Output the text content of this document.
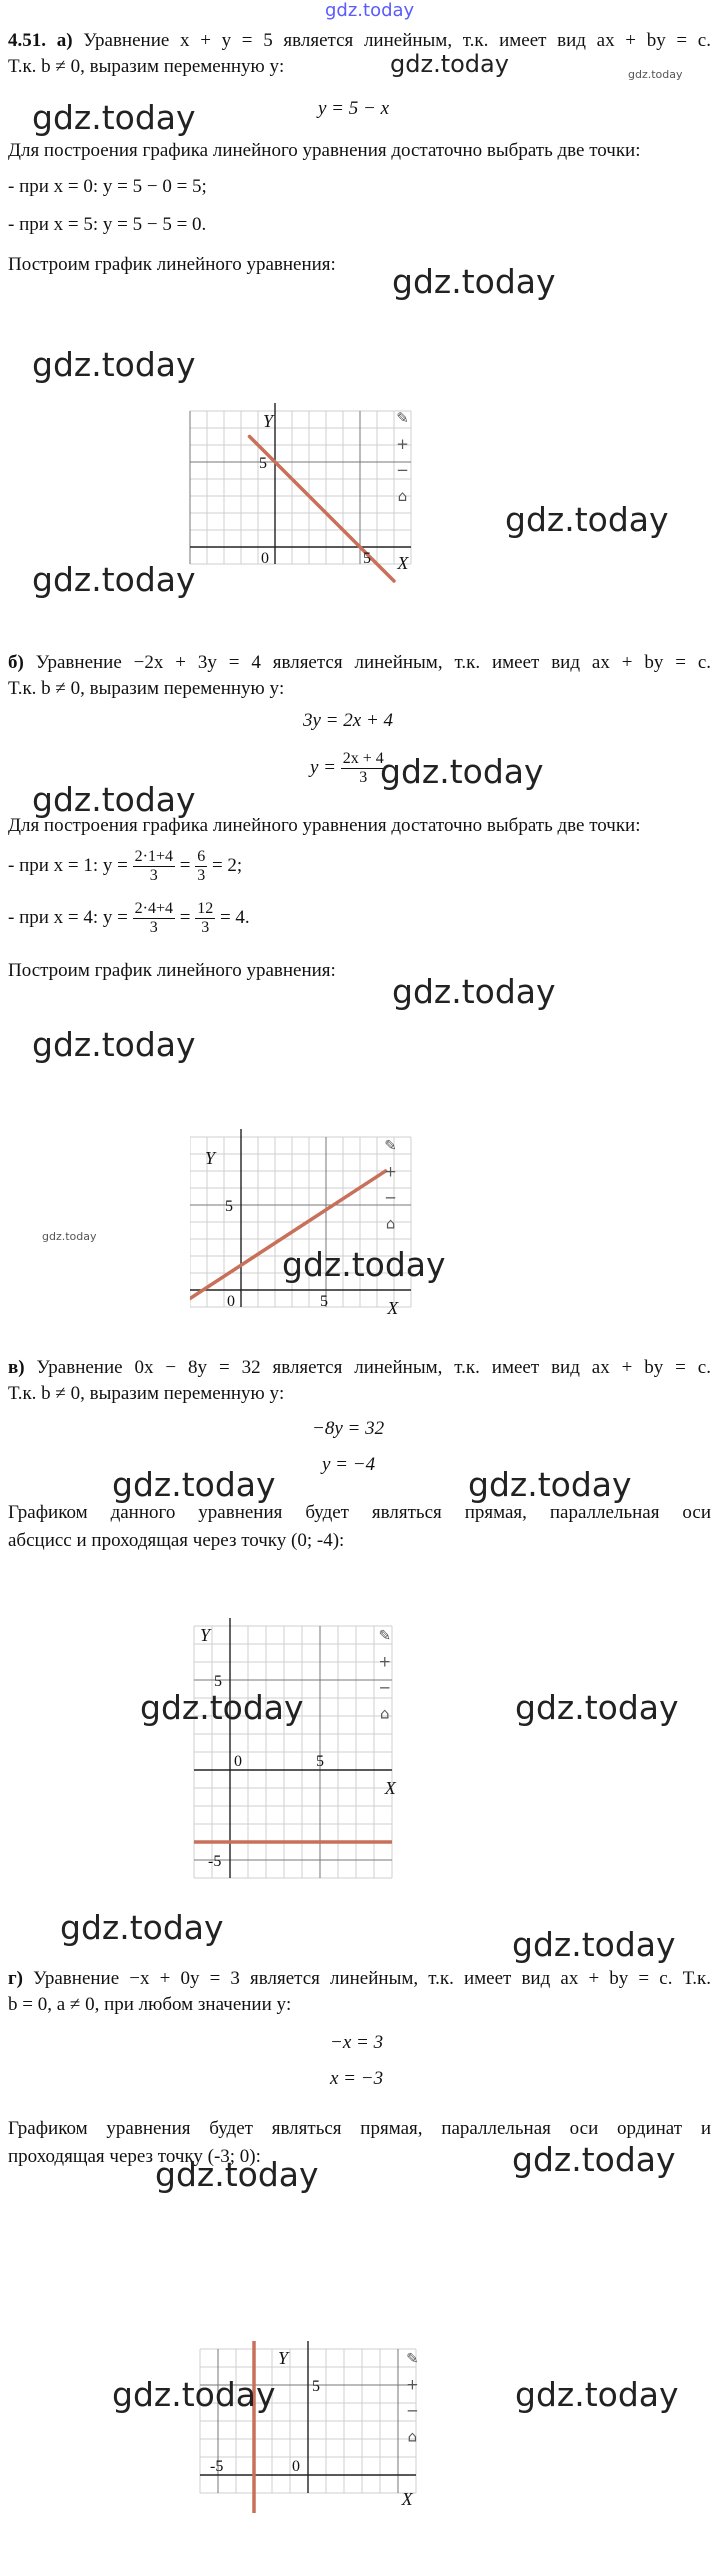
gdz.today
4.51. а) Уравнение x + y = 5 является линейным, т.к. имеет вид ax + by = c.
Т.к. b ≠ 0, выразим переменную y:	gdz.today	gdz.today
gdz.today	y = 5 − x
Для построения графика линейного уравнения достаточно выбрать две точки:
- при x = 0: y = 5 − 0 = 5;
- при x = 5: y = 5 − 5 = 0.
Построим график линейного уравнения: gdz.today
Y
X
0
5
5
✎
+
−
⌂
gdz.today
gdz.today
gdz.today
б) Уравнение −2x + 3y = 4 является линейным, т.к. имеет вид ax + by = c.
Т.к. b ≠ 0, выразим переменную y:
3y = 2x + 4
$y = \frac{2x + 4}{3}$
gdz.today
gdz.today
Для построения графика линейного уравнения достаточно выбрать две точки:
- при x = 1: $y = \frac{2\cdot 1+4}{3} = \frac{6}{3} = 2$;
- при x = 4: $y = \frac{2\cdot 4+4}{3} = \frac{12}{3} = 4$.
Построим график линейного уравнения:
gdz.today
Y
X
0
5
5
✎
+
−
⌂
gdz.today
gdz.today
gdz.today
в) Уравнение 0x − 8y = 32 является линейным, т.к. имеет вид ax + by = c.
Т.к. b ≠ 0, выразим переменную y:
−8y = 32
y = −4
gdz.today	gdz.today
Графиком данного уравнения будет являться прямая, параллельная оси
абсцисс и проходящая через точку (0; -4):
Y
X
0
5
-5
5
✎
+
−
⌂
gdz.today	gdz.today
gdz.today	gdz.today
г) Уравнение −x + 0y = 3 является линейным, т.к. имеет вид ax + by = c. Т.к.
b = 0, a ≠ 0, при любом значении y:
−x = 3
x = −3
Графиком уравнения будет являться прямая, параллельная оси ординат и
проходящая через точку (-3; 0):	gdz.today
gdz.today
Y
X
0
5
-5
✎
+
−
⌂
gdz.today	gdz.today
